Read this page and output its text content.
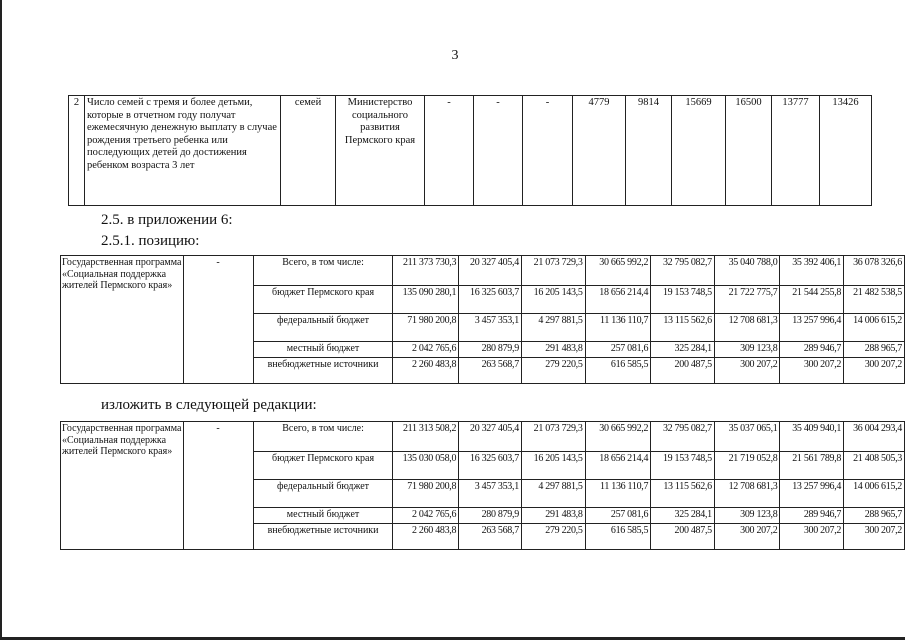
3
2	Число семей с тремя и более детьми, которые в отчетном году получат ежемесячную денежную выплату в случае рождения третьего ребенка или последующих детей до достижения ребенком возраста 3 лет	семей	Министерство социального развития Пермского края	-	-	-	4779	9814	15669	16500	13777	13426
2.5. в приложении 6:
2.5.1. позицию:
изложить в следующей редакции:
Государственная программа «Социальная поддержка жителей Пермского края»	-	Всего, в том числе:	211 373 730,3	20 327 405,4	21 073 729,3	30 665 992,2	32 795 082,7	35 040 788,0	35 392 406,1	36 078 326,6
		бюджет Пермского края	135 090 280,1	16 325 603,7	16 205 143,5	18 656 214,4	19 153 748,5	21 722 775,7	21 544 255,8	21 482 538,5
		федеральный бюджет	71 980 200,8	3 457 353,1	4 297 881,5	11 136 110,7	13 115 562,6	12 708 681,3	13 257 996,4	14 006 615,2
		местный бюджет	2 042 765,6	280 879,9	291 483,8	257 081,6	325 284,1	309 123,8	289 946,7	288 965,7
		внебюджетные источники	2 260 483,8	263 568,7	279 220,5	616 585,5	200 487,5	300 207,2	300 207,2	300 207,2
Государственная программа «Социальная поддержка жителей Пермского края»	-	Всего, в том числе:	211 313 508,2	20 327 405,4	21 073 729,3	30 665 992,2	32 795 082,7	35 037 065,1	35 409 940,1	36 004 293,4
		бюджет Пермского края	135 030 058,0	16 325 603,7	16 205 143,5	18 656 214,4	19 153 748,5	21 719 052,8	21 561 789,8	21 408 505,3
		федеральный бюджет	71 980 200,8	3 457 353,1	4 297 881,5	11 136 110,7	13 115 562,6	12 708 681,3	13 257 996,4	14 006 615,2
		местный бюджет	2 042 765,6	280 879,9	291 483,8	257 081,6	325 284,1	309 123,8	289 946,7	288 965,7
		внебюджетные источники	2 260 483,8	263 568,7	279 220,5	616 585,5	200 487,5	300 207,2	300 207,2	300 207,2
